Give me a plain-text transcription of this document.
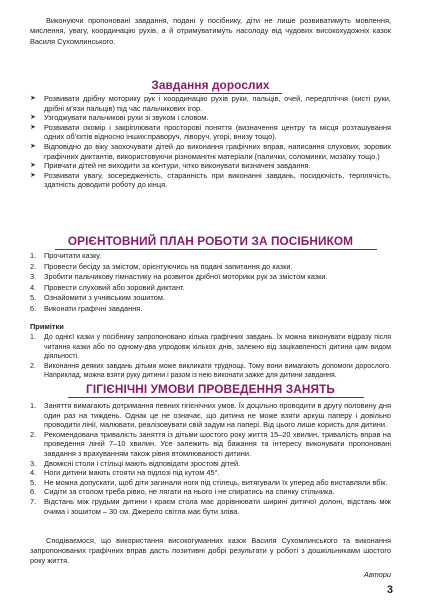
Виконуючи пропоновані завдання, подані у посібнику, діти не лише розвиватимуть мовлення, мислення, увагу, координацію рухів, а й отримуватимуть насолоду від чудових високохудожніх казок Василя Сухомлинського.

Завдання дорослих
➤ Розвивати дрібну моторику рук і координацію рухів руки, пальців, очей, передпліччя (кисті руки, дрібні м’язи пальців) під час пальчикових ігор.
➤ Узгоджувати пальчикові рухи зі звуком і словом.
➤ Розвивати окомір і закріплювати просторові поняття (визначення центру та місця розташування одних об’єктів відносно інших:праворуч, ліворуч, угорі, внизу тощо).
➤ Відповідно до віку заохочувати дітей до виконання графічних вправ, написання слухових, зорових графічних диктантів, використовуючи різноманітні матеріали (палички, соломинки, мозаїку тощо.)
➤ Привчати дітей не виходити за контури, чітко виконувати визначені завдання.
➤ Розвивати увагу, зосередженість, старанність при виконанні завдань, посидючість, терплячість, здатність доводити роботу до кінця.
ОРІЄНТОВНИЙ ПЛАН РОБОТИ ЗА ПОСІБНИКОМ
1. Прочитати казку.
2. Провести бесіду за змістом, орієнтуючись на подані запитання до казки.
3. Зробити пальчикову гімнастику на розвиток дрібної моторики рук за змістом казки.
4. Провести слуховий або зоровий диктант.
5. Ознайомити з учнівським зошитом.
6. Виконати графічні завдання.

Примітки

1. До однієї казки у посібнику запропоновано кілька графічних завдань. Їх можна виконувати відразу після читання казки або по одному-два упродовж кількох днів, залежно від зацікавленості дитини цим видом діяльності.
2. Виконання деяких завдань дітьми може викликати труднощі. Тому вони вимагають допомоги дорослого. Наприклад, можна взяти руку дитини і разом із нею виконати зажке для дитини завдання.
ГІГІЄНІЧНІ УМОВИ ПРОВЕДЕННЯ ЗАНЯТЬ
1. Заняття вимагають дотримання певних гігієнічних умов. Їх доцільно проводити в другу половину дня один раз на тиждень. Однак це не означає, що дитина не може взяти аркуш паперу і довільно проводити лінії, малювати, реалізовувати свій задум на папері. Від цього лише користь для дитини.
2. Рекомендована тривалість заняття із дітьми шостого року життя 15–20 хвилин, тривалість вправ на проведення ліній 7–10 хвилин. Усе залежить від бажання та інтересу виконувати пропоновані завдання з врахуванням також рівня втомлюваності дитини.
3. Двомісні столи і стільці мають відповідати зростові дітей.
4. Ноги дитини мають стояти на підлозі під кутом 45°.
5. Не можна допускати, щоб діти загинали ноги під стілець, витягували їх уперед або виставляли вбік.
6. Сидіти за столом треба рівно, не лягати на нього і не спиратись на спинку стільчика.
7. Відстань між грудьми дитини і краєм стола має дорівнювати ширині дитячої долоні, відстань між очима і зошитом – 30 см. Джерело світла має бути зліва.

Сподіваємося, що використання високогуманних казок Василя Сухомлинського та виконання запропонованих графічних вправ дасть позитивні добрі результати у роботі з дошкільниками шостого року життя.

Автори

3
